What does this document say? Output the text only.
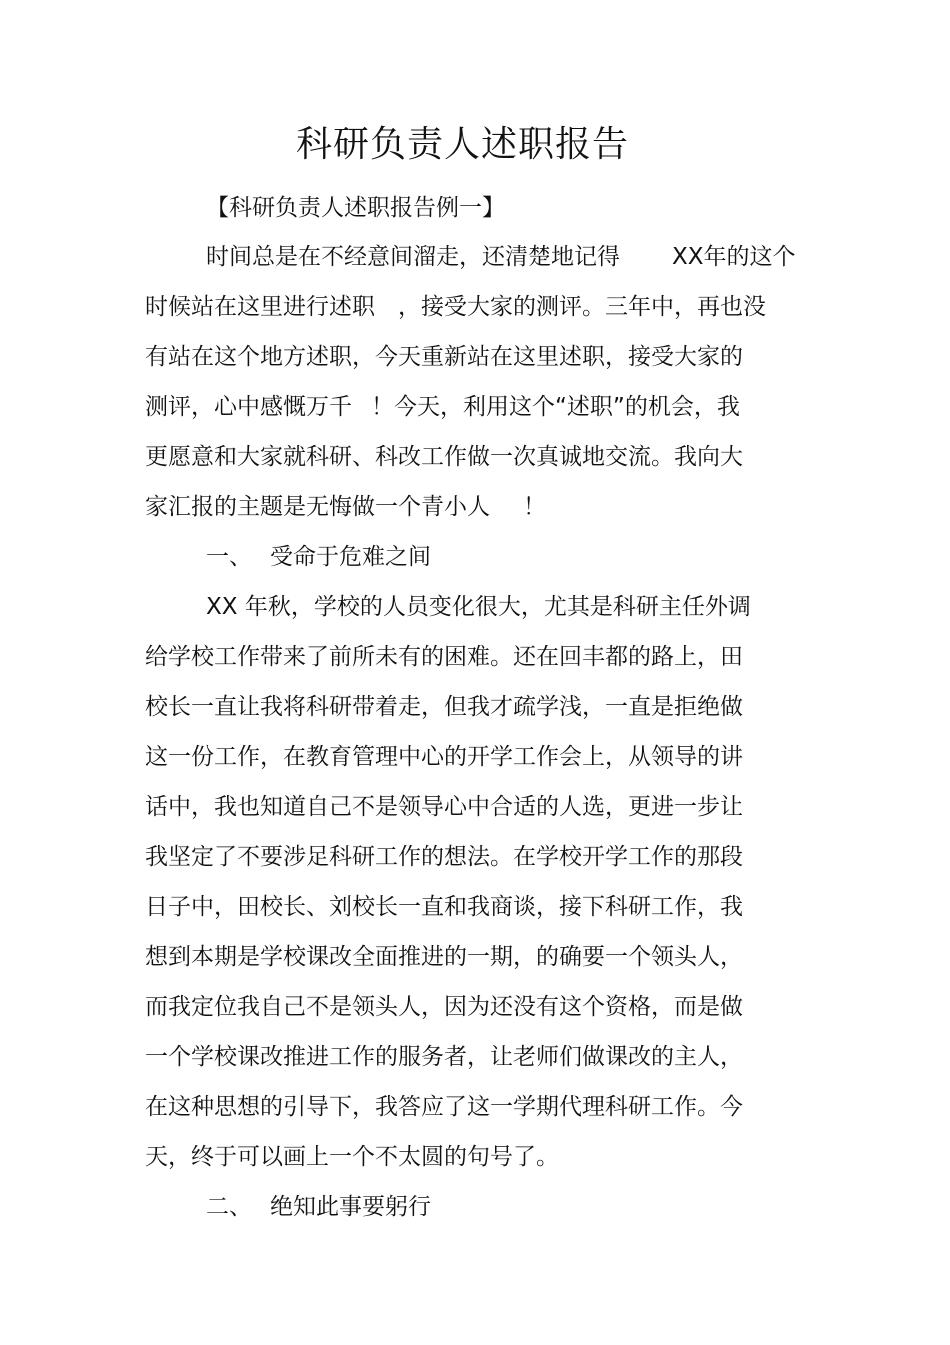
科研负责人述职报告

【科研负责人述职报告例一】

时间总是在不经意间溜走，还清楚地记得 XX年的这个

时候站在这里进行述职 ，接受大家的测评。三年中，再也没

有站在这个地方述职，今天重新站在这里述职，接受大家的

测评，心中感慨万千 ！今天，利用这个“述职”的机会，我

更愿意和大家就科研、科改工作做一次真诚地交流。我向大

家汇报的主题是无悔做一个青小人 ！

一、 受命于危难之间

XX 年秋，学校的人员变化很大，尤其是科研主任外调

给学校工作带来了前所未有的困难。还在回丰都的路上，田

校长一直让我将科研带着走，但我才疏学浅，一直是拒绝做

这一份工作，在教育管理中心的开学工作会上，从领导的讲

话中，我也知道自己不是领导心中合适的人选，更进一步让

我坚定了不要涉足科研工作的想法。在学校开学工作的那段

日子中，田校长、刘校长一直和我商谈，接下科研工作，我

想到本期是学校课改全面推进的一期，的确要一个领头人，

而我定位我自己不是领头人，因为还没有这个资格，而是做

一个学校课改推进工作的服务者，让老师们做课改的主人，

在这种思想的引导下，我答应了这一学期代理科研工作。今

天，终于可以画上一个不太圆的句号了。

二、 绝知此事要躬行
